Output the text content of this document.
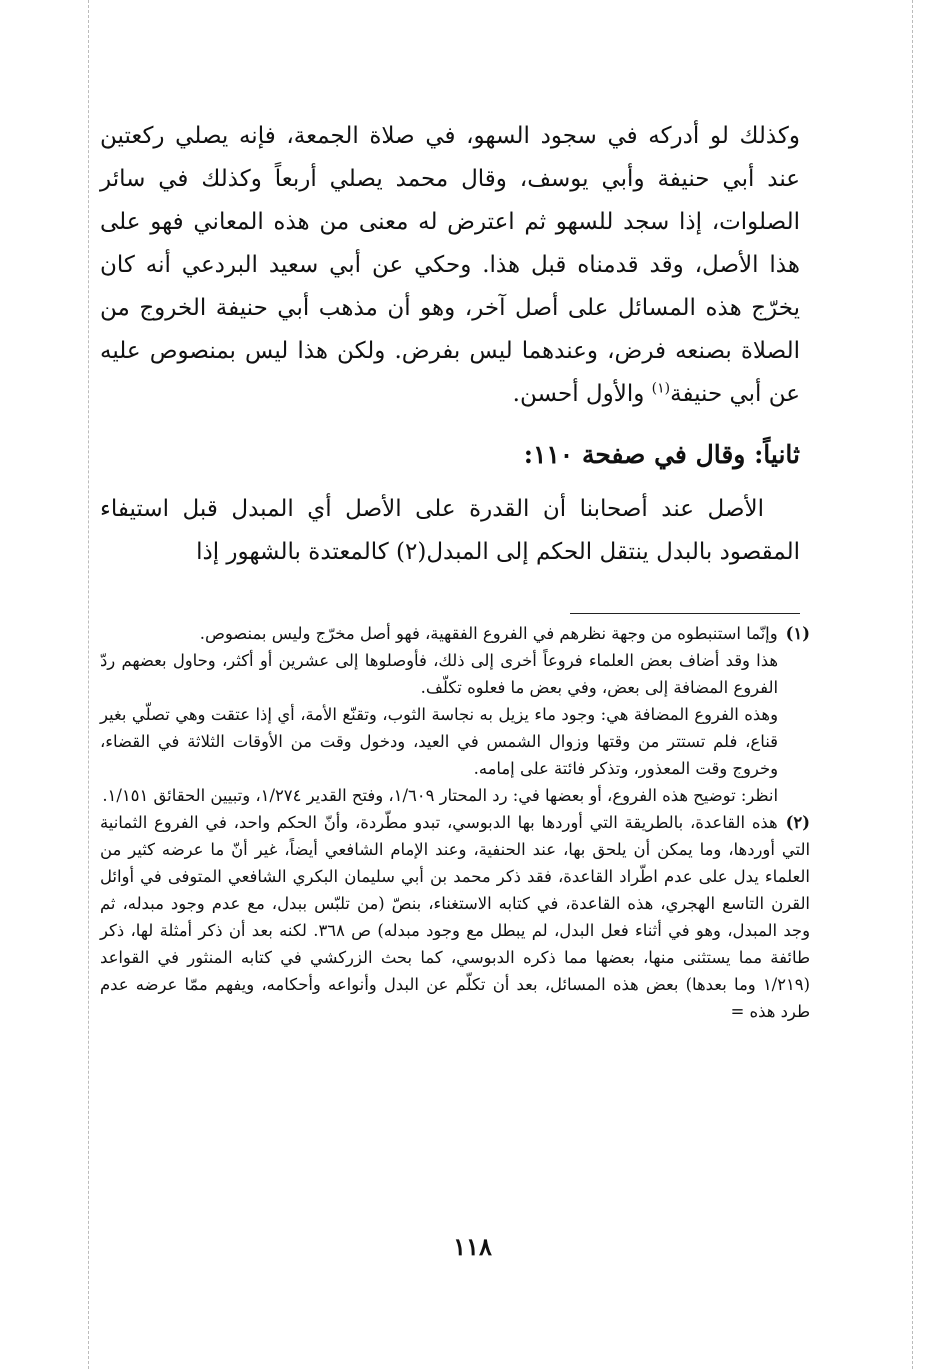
وكذلك لو أدركه في سجود السهو، في صلاة الجمعة، فإنه يصلي ركعتين عند أبي حنيفة وأبي يوسف، وقال محمد يصلي أربعاً وكذلك في سائر الصلوات، إذا سجد للسهو ثم اعترض له معنى من هذه المعاني فهو على هذا الأصل، وقد قدمناه قبل هذا. وحكي عن أبي سعيد البردعي أنه كان يخرّج هذه المسائل على أصل آخر، وهو أن مذهب أبي حنيفة الخروج من الصلاة بصنعه فرض، وعندهما ليس بفرض. ولكن هذا ليس بمنصوص عليه عن أبي حنيفة$^{(١)}$ والأول أحسن.

ثانياً: وقال في صفحة ١١٠:

الأصل عند أصحابنا أن القدرة على الأصل أي المبدل قبل استيفاء المقصود بالبدل ينتقل الحكم إلى المبدل(٢) كالمعتدة بالشهور إذا

(١)وإنّما استنبطوه من وجهة نظرهم في الفروع الفقهية، فهو أصل مخرّج وليس بمنصوص.

هذا وقد أضاف بعض العلماء فروعاً أخرى إلى ذلك، فأوصلوها إلى عشرين أو أكثر، وحاول بعضهم ردّ الفروع المضافة إلى بعض، وفي بعض ما فعلوه تكلّف.

وهذه الفروع المضافة هي: وجود ماء يزيل به نجاسة الثوب، وتقنّع الأمة، أي إذا عتقت وهي تصلّي بغير قناع، فلم تستتر من وقتها وزوال الشمس في العيد، ودخول وقت من الأوقات الثلاثة في القضاء، وخروج وقت المعذور، وتذكر فائتة على إمامه.

انظر: توضيح هذه الفروع، أو بعضها في: رد المحتار ١/٦٠٩، وفتح القدير ١/٢٧٤، وتبيين الحقائق ١/١٥١.

(٢)هذه القاعدة، بالطريقة التي أوردها بها الدبوسي، تبدو مطّردة، وأنّ الحكم واحد، في الفروع الثمانية التي أوردها، وما يمكن أن يلحق بها، عند الحنفية، وعند الإمام الشافعي أيضاً، غير أنّ ما عرضه كثير من العلماء يدل على عدم اطّراد القاعدة، فقد ذكر محمد بن أبي سليمان البكري الشافعي المتوفى في أوائل القرن التاسع الهجري، هذه القاعدة، في كتابه الاستغناء، بنصّ (من تلبّس ببدل، مع عدم وجود مبدله، ثم وجد المبدل، وهو في أثناء فعل البدل، لم يبطل مع وجود مبدله) ص ٣٦٨. لكنه بعد أن ذكر أمثلة لها، ذكر طائفة مما يستثنى منها، بعضها مما ذكره الدبوسي، كما بحث الزركشي في كتابه المنثور في القواعد (١/٢١٩ وما بعدها) بعض هذه المسائل، بعد أن تكلّم عن البدل وأنواعه وأحكامه، ويفهم ممّا عرضه عدم طرد هذه =

١١٨
